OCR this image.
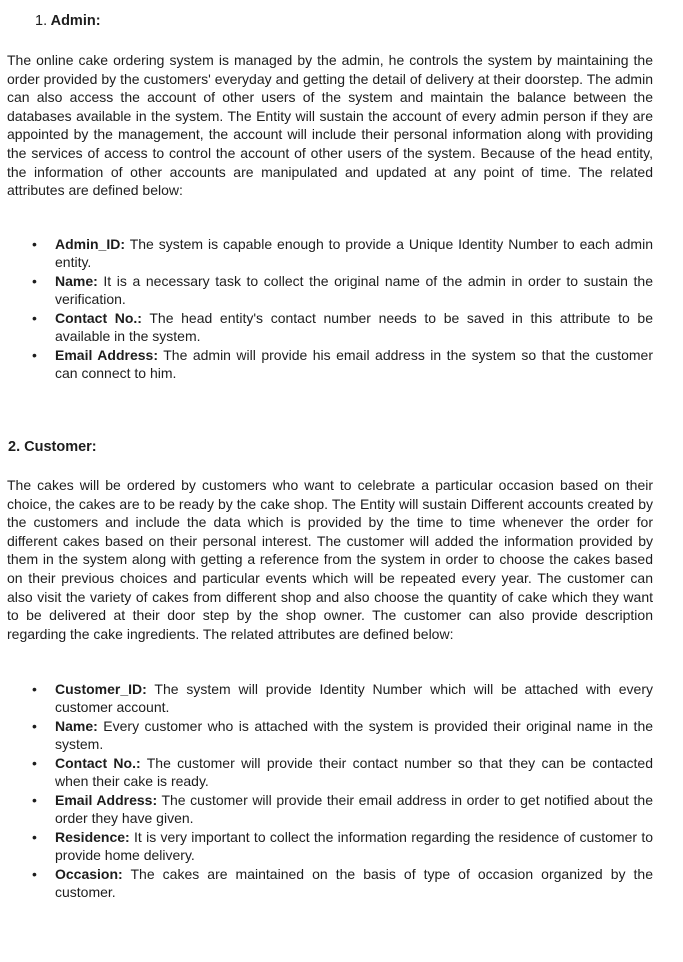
1. Admin:

The online cake ordering system is managed by the admin, he controls the system by maintaining the order provided by the customers' everyday and getting the detail of delivery at their doorstep. The admin can also access the account of other users of the system and maintain the balance between the databases available in the system. The Entity will sustain the account of every admin person if they are appointed by the management, the account will include their personal information along with providing the services of access to control the account of other users of the system. Because of the head entity, the information of other accounts are manipulated and updated at any point of time. The related attributes are defined below:

• Admin_ID: The system is capable enough to provide a Unique Identity Number to each admin entity.
• Name: It is a necessary task to collect the original name of the admin in order to sustain the verification.
• Contact No.: The head entity's contact number needs to be saved in this attribute to be available in the system.
• Email Address: The admin will provide his email address in the system so that the customer can connect to him.
2. Customer:

The cakes will be ordered by customers who want to celebrate a particular occasion based on their choice, the cakes are to be ready by the cake shop. The Entity will sustain Different accounts created by the customers and include the data which is provided by the time to time whenever the order for different cakes based on their personal interest. The customer will added the information provided by them in the system along with getting a reference from the system in order to choose the cakes based on their previous choices and particular events which will be repeated every year. The customer can also visit the variety of cakes from different shop and also choose the quantity of cake which they want to be delivered at their door step by the shop owner. The customer can also provide description regarding the cake ingredients. The related attributes are defined below:

• Customer_ID: The system will provide Identity Number which will be attached with every customer account.
• Name: Every customer who is attached with the system is provided their original name in the system.
• Contact No.: The customer will provide their contact number so that they can be contacted when their cake is ready.
• Email Address: The customer will provide their email address in order to get notified about the order they have given.
• Residence: It is very important to collect the information regarding the residence of customer to provide home delivery.
• Occasion: The cakes are maintained on the basis of type of occasion organized by the customer.
